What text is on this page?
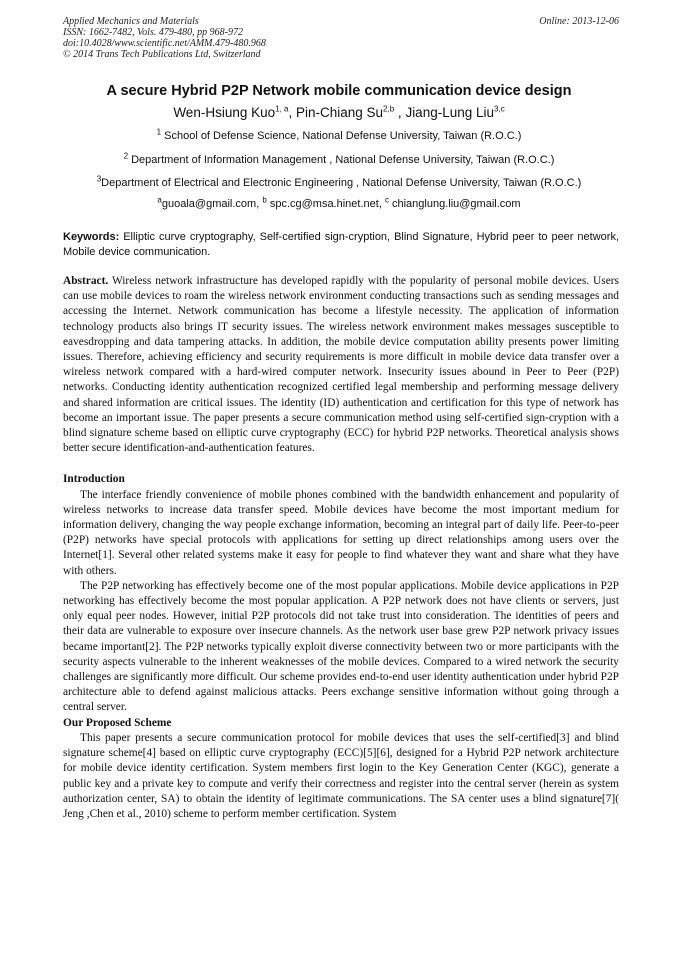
Applied Mechanics and Materials
ISSN: 1662-7482, Vols. 479-480, pp 968-972
doi:10.4028/www.scientific.net/AMM.479-480.968
© 2014 Trans Tech Publications Ltd, Switzerland
Online: 2013-12-06
A secure Hybrid P2P Network mobile communication device design
Wen-Hsiung Kuo$^{1, a}$, Pin-Chiang Su$^{2,b}$ , Jiang-Lung Liu$^{3,c}$
$^1$ School of Defense Science, National Defense University, Taiwan (R.O.C.)
$^2$ Department of Information Management , National Defense University, Taiwan (R.O.C.)
$^3$Department of Electrical and Electronic Engineering , National Defense University, Taiwan (R.O.C.)
$^a$guoala@gmail.com, $^b$ spc.cg@msa.hinet.net, $^c$ chianglung.liu@gmail.com
Keywords: Elliptic curve cryptography, Self-certified sign-cryption, Blind Signature, Hybrid peer to peer network, Mobile device communication.

Abstract. Wireless network infrastructure has developed rapidly with the popularity of personal mobile devices. Users can use mobile devices to roam the wireless network environment conducting transactions such as sending messages and accessing the Internet. Network communication has become a lifestyle necessity. The application of information technology products also brings IT security issues. The wireless network environment makes messages susceptible to eavesdropping and data tampering attacks. In addition, the mobile device computation ability presents power limiting issues. Therefore, achieving efficiency and security requirements is more difficult in mobile device data transfer over a wireless network compared with a hard-wired computer network. Insecurity issues abound in Peer to Peer (P2P) networks. Conducting identity authentication recognized certified legal membership and performing message delivery and shared information are critical issues. The identity (ID) authentication and certification for this type of network has become an important issue. The paper presents a secure communication method using self-certified sign-cryption with a blind signature scheme based on elliptic curve cryptography (ECC) for hybrid P2P networks. Theoretical analysis shows better secure identification-and-authentication features.

Introduction

The interface friendly convenience of mobile phones combined with the bandwidth enhancement and popularity of wireless networks to increase data transfer speed. Mobile devices have become the most important medium for information delivery, changing the way people exchange information, becoming an integral part of daily life. Peer-to-peer (P2P) networks have special protocols with applications for setting up direct relationships among users over the Internet[1]. Several other related systems make it easy for people to find whatever they want and share what they have with others.

The P2P networking has effectively become one of the most popular applications. Mobile device applications in P2P networking has effectively become the most popular application. A P2P network does not have clients or servers, just only equal peer nodes. However, initial P2P protocols did not take trust into consideration. The identities of peers and their data are vulnerable to exposure over insecure channels. As the network user base grew P2P network privacy issues became important[2]. The P2P networks typically exploit diverse connectivity between two or more participants with the security aspects vulnerable to the inherent weaknesses of the mobile devices. Compared to a wired network the security challenges are significantly more difficult. Our scheme provides end-to-end user identity authentication under hybrid P2P architecture able to defend against malicious attacks. Peers exchange sensitive information without going through a central server.

Our Proposed Scheme

This paper presents a secure communication protocol for mobile devices that uses the self-certified[3] and blind signature scheme[4] based on elliptic curve cryptography (ECC)[5][6], designed for a Hybrid P2P network architecture for mobile device identity certification. System members first login to the Key Generation Center (KGC), generate a public key and a private key to compute and verify their correctness and register into the central server (herein as system authorization center, SA) to obtain the identity of legitimate communications. The SA center uses a blind signature[7]( Jeng ,Chen et al., 2010) scheme to perform member certification. System
